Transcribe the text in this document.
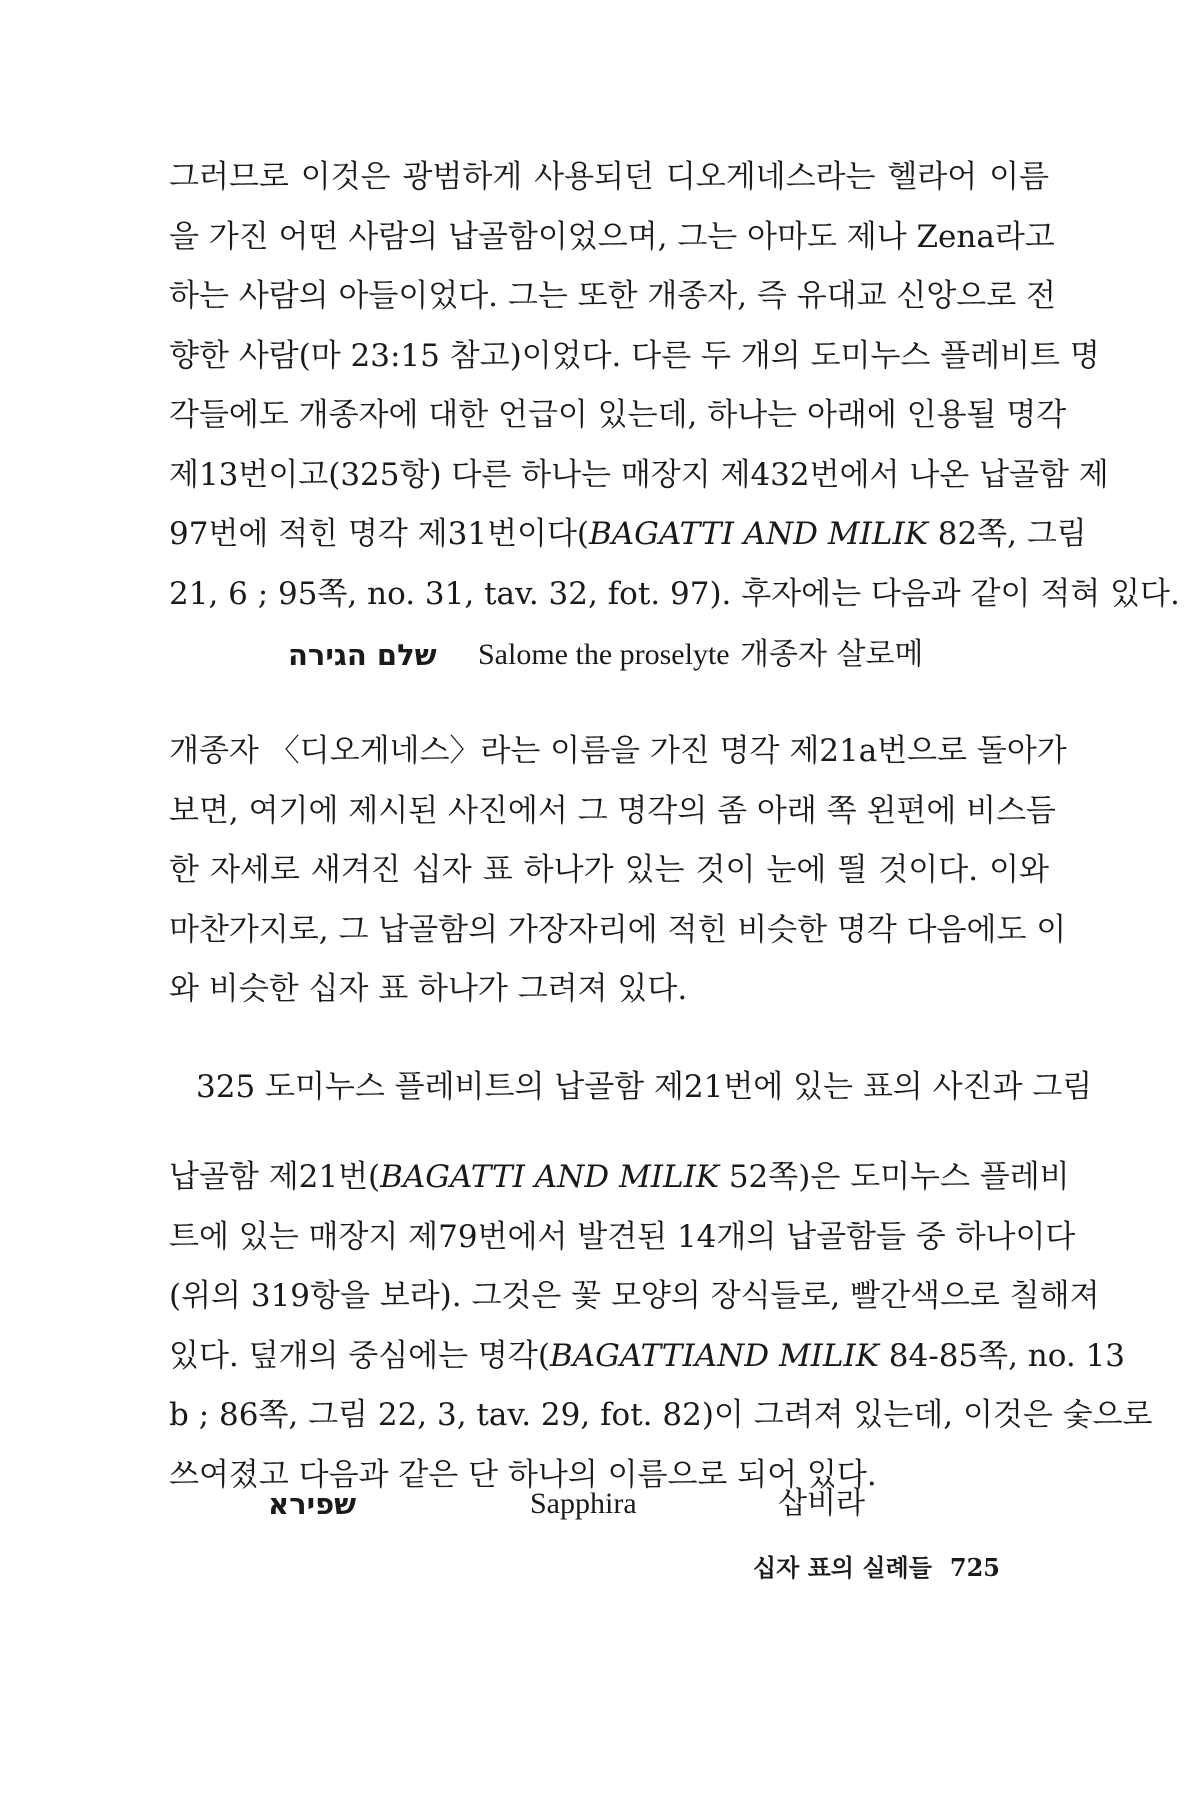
그러므로 이것은 광범하게 사용되던 디오게네스라는 헬라어 이름
을 가진 어떤 사람의 납골함이었으며, 그는 아마도 제나 Zena라고
하는 사람의 아들이었다. 그는 또한 개종자, 즉 유대교 신앙으로 전
향한 사람(마 23:15 참고)이었다. 다른 두 개의 도미누스 플레비트 명
각들에도 개종자에 대한 언급이 있는데, 하나는 아래에 인용될 명각
제13번이고(325항) 다른 하나는 매장지 제432번에서 나온 납골함 제
97번에 적힌 명각 제31번이다(BAGATTI AND MILIK 82쪽, 그림
21, 6 ; 95쪽, no. 31, tav. 32, fot. 97). 후자에는 다음과 같이 적혀 있다.
שלם הגירה Salome the proselyte 개종자 살로메
개종자 〈디오게네스〉라는 이름을 가진 명각 제21a번으로 돌아가
보면, 여기에 제시된 사진에서 그 명각의 좀 아래 쪽 왼편에 비스듬
한 자세로 새겨진 십자 표 하나가 있는 것이 눈에 띌 것이다. 이와
마찬가지로, 그 납골함의 가장자리에 적힌 비슷한 명각 다음에도 이
와 비슷한 십자 표 하나가 그려져 있다.
325 도미누스 플레비트의 납골함 제21번에 있는 표의 사진과 그림
납골함 제21번(BAGATTI AND MILIK 52쪽)은 도미누스 플레비
트에 있는 매장지 제79번에서 발견된 14개의 납골함들 중 하나이다
(위의 319항을 보라). 그것은 꽃 모양의 장식들로, 빨간색으로 칠해져
있다. 덮개의 중심에는 명각(BAGATTIAND MILIK 84-85쪽, no. 13
b ; 86쪽, 그림 22, 3, tav. 29, fot. 82)이 그려져 있는데, 이것은 숯으로
쓰여졌고 다음과 같은 단 하나의 이름으로 되어 있다.
שפירא	Sapphira	삽비라
십자 표의 실례들 725
